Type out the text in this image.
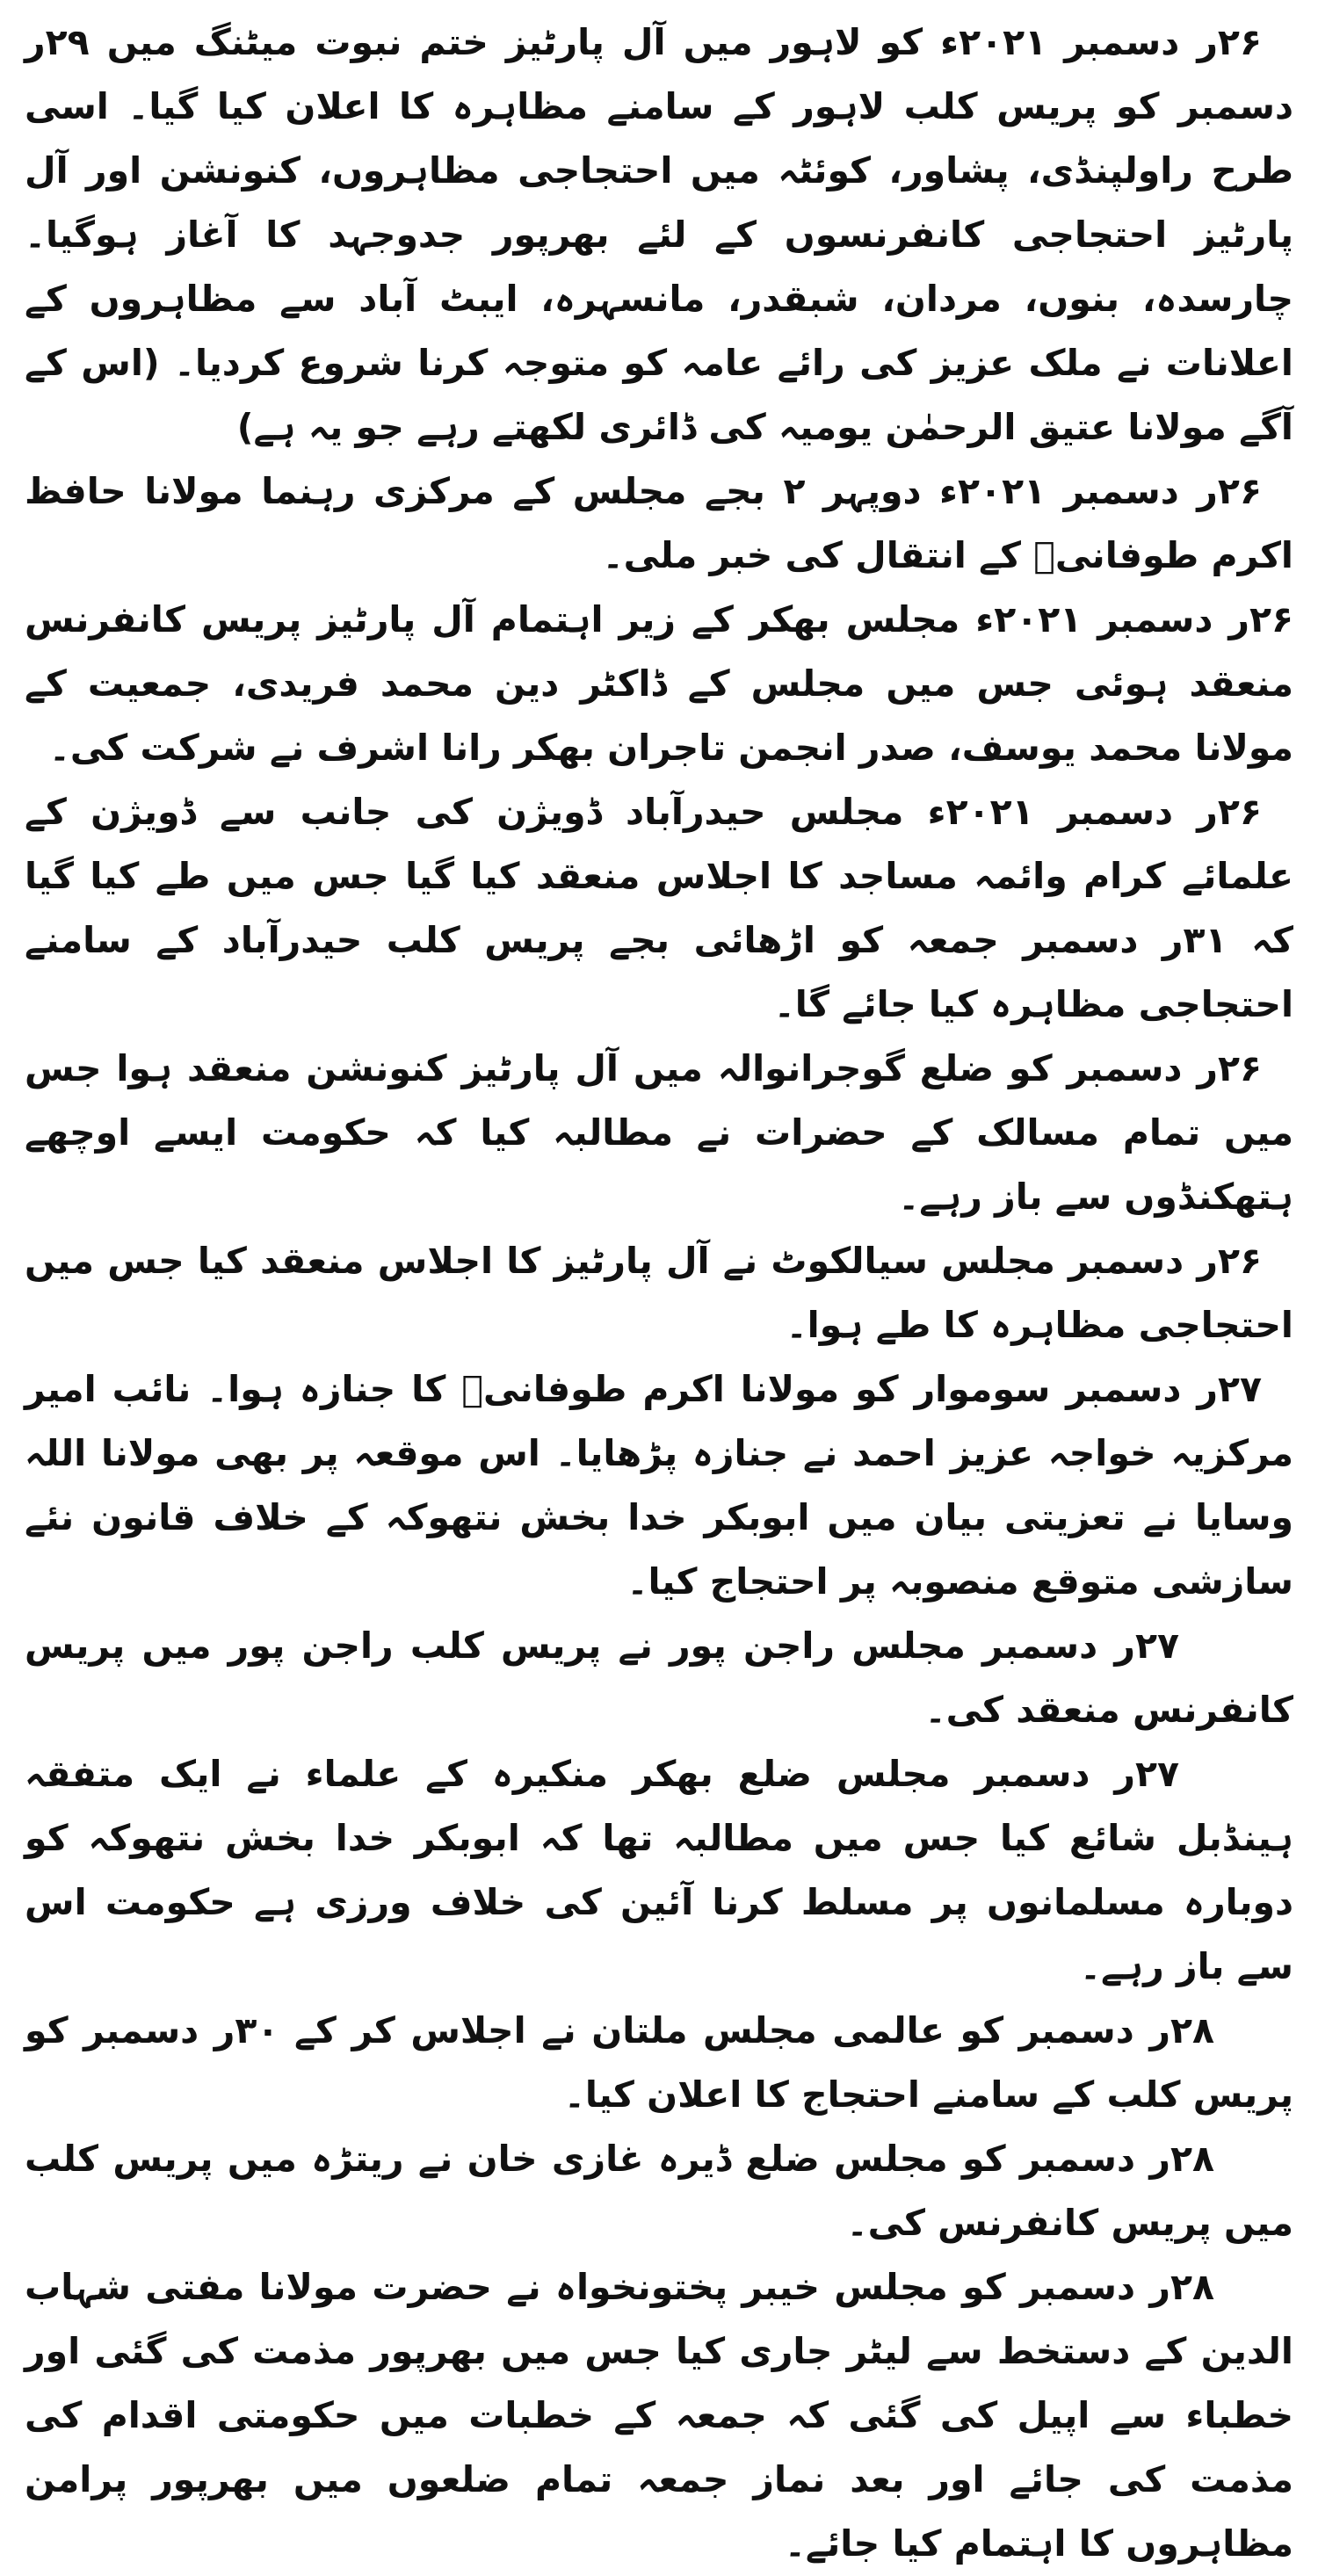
۲۶ر دسمبر ۲۰۲۱ء کو لاہور میں آل پارٹیز ختم نبوت میٹنگ میں ۲۹ر دسمبر کو پریس کلب لاہور کے سامنے مظاہرہ کا اعلان کیا گیا۔ اسی طرح راولپنڈی، پشاور، کوئٹہ میں احتجاجی مظاہروں، کنونشن اور آل پارٹیز احتجاجی کانفرنسوں کے لئے بھرپور جدوجہد کا آغاز ہوگیا۔ چارسدہ، بنوں، مردان، شبقدر، مانسہرہ، ایبٹ آباد سے مظاہروں کے اعلانات نے ملک عزیز کی رائے عامہ کو متوجہ کرنا شروع کردیا۔ (اس کے آگے مولانا عتیق الرحمٰن یومیہ کی ڈائری لکھتے رہے جو یہ ہے)

۲۶ر دسمبر ۲۰۲۱ء دوپہر ۲ بجے مجلس کے مرکزی رہنما مولانا حافظ اکرم طوفانیؒ کے انتقال کی خبر ملی۔

۲۶ر دسمبر ۲۰۲۱ء مجلس بھکر کے زیر اہتمام آل پارٹیز پریس کانفرنس منعقد ہوئی جس میں مجلس کے ڈاکٹر دین محمد فریدی، جمعیت کے مولانا محمد یوسف، صدر انجمن تاجران بھکر رانا اشرف نے شرکت کی۔

۲۶ر دسمبر ۲۰۲۱ء مجلس حیدرآباد ڈویژن کی جانب سے ڈویژن کے علمائے کرام وائمہ مساجد کا اجلاس منعقد کیا گیا جس میں طے کیا گیا کہ ۳۱ر دسمبر جمعہ کو اڑھائی بجے پریس کلب حیدرآباد کے سامنے احتجاجی مظاہرہ کیا جائے گا۔

۲۶ر دسمبر کو ضلع گوجرانوالہ میں آل پارٹیز کنونشن منعقد ہوا جس میں تمام مسالک کے حضرات نے مطالبہ کیا کہ حکومت ایسے اوچھے ہتھکنڈوں سے باز رہے۔

۲۶ر دسمبر مجلس سیالکوٹ نے آل پارٹیز کا اجلاس منعقد کیا جس میں احتجاجی مظاہرہ کا طے ہوا۔

۲۷ر دسمبر سوموار کو مولانا اکرم طوفانیؒ کا جنازہ ہوا۔ نائب امیر مرکزیہ خواجہ عزیز احمد نے جنازہ پڑھایا۔ اس موقعہ پر بھی مولانا اللہ وسایا نے تعزیتی بیان میں ابوبکر خدا بخش نتھوکہ کے خلاف قانون نئے سازشی متوقع منصوبہ پر احتجاج کیا۔

۲۷ر دسمبر مجلس راجن پور نے پریس کلب راجن پور میں پریس کانفرنس منعقد کی۔

۲۷ر دسمبر مجلس ضلع بھکر منکیرہ کے علماء نے ایک متفقہ ہینڈبل شائع کیا جس میں مطالبہ تھا کہ ابوبکر خدا بخش نتھوکہ کو دوبارہ مسلمانوں پر مسلط کرنا آئین کی خلاف ورزی ہے حکومت اس سے باز رہے۔

۲۸ر دسمبر کو عالمی مجلس ملتان نے اجلاس کر کے ۳۰ر دسمبر کو پریس کلب کے سامنے احتجاج کا اعلان کیا۔

۲۸ر دسمبر کو مجلس ضلع ڈیرہ غازی خان نے ریتڑہ میں پریس کلب میں پریس کانفرنس کی۔

۲۸ر دسمبر کو مجلس خیبر پختونخواہ نے حضرت مولانا مفتی شہاب الدین کے دستخط سے لیٹر جاری کیا جس میں بھرپور مذمت کی گئی اور خطباء سے اپیل کی گئی کہ جمعہ کے خطبات میں حکومتی اقدام کی مذمت کی جائے اور بعد نماز جمعہ تمام ضلعوں میں بھرپور پرامن مظاہروں کا اہتمام کیا جائے۔
